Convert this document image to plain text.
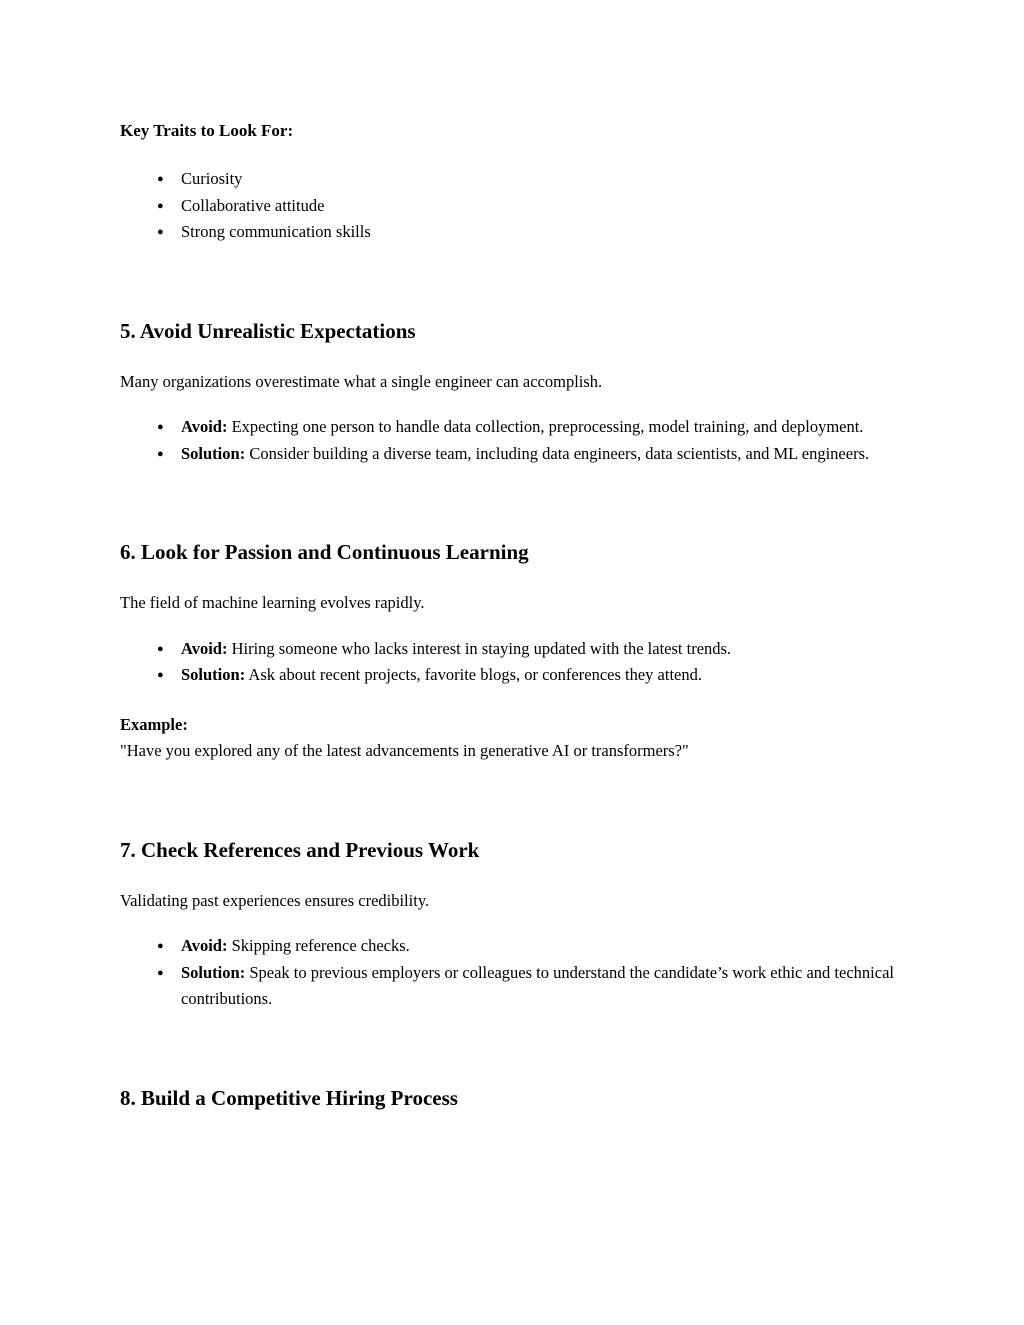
Key Traits to Look For:
● Curiosity
● Collaborative attitude
● Strong communication skills
5. Avoid Unrealistic Expectations

Many organizations overestimate what a single engineer can accomplish.

● Avoid: Expecting one person to handle data collection, preprocessing, model training, and deployment.
● Solution: Consider building a diverse team, including data engineers, data scientists, and ML engineers.
6. Look for Passion and Continuous Learning

The field of machine learning evolves rapidly.

● Avoid: Hiring someone who lacks interest in staying updated with the latest trends.
● Solution: Ask about recent projects, favorite blogs, or conferences they attend.
Example:
"Have you explored any of the latest advancements in generative AI or transformers?"
7. Check References and Previous Work

Validating past experiences ensures credibility.

● Avoid: Skipping reference checks.
● Solution: Speak to previous employers or colleagues to understand the candidate’s work ethic and technical contributions.
8. Build a Competitive Hiring Process
